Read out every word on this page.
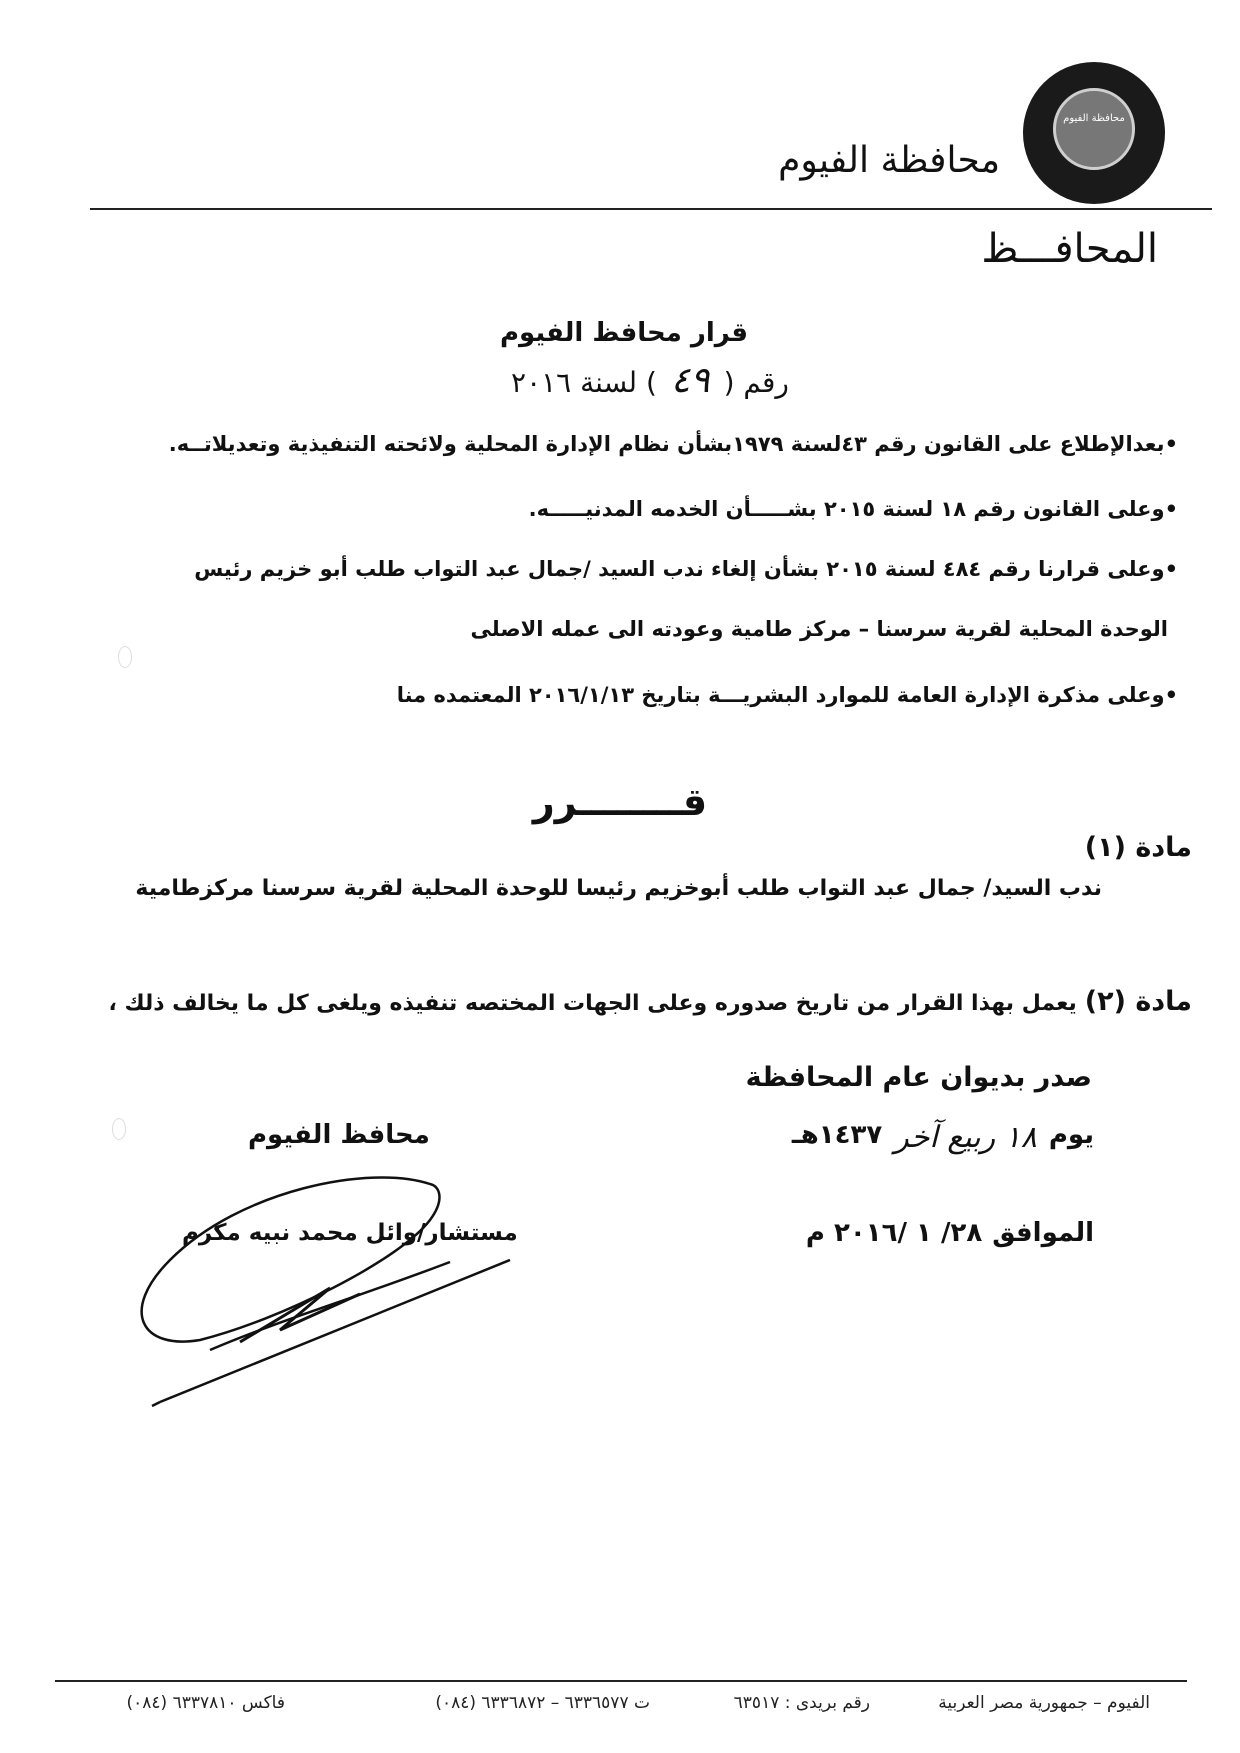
محافظة الفيوم
محافظة الفيوم
المحافـــظ
قرار محافظ الفيوم
رقم (
٤٩
) لسنة ٢٠١٦
•بعدالإطلاع على القانون رقم ٤٣لسنة ١٩٧٩بشأن نظام الإدارة المحلية ولائحته التنفيذية وتعديلاتــه.
•وعلى القانون رقم ١٨ لسنة ٢٠١٥ بشـــــأن الخدمه المدنيـــــه.
•وعلى قرارنا رقم ٤٨٤ لسنة ٢٠١٥ بشأن إلغاء ندب السيد /جمال عبد التواب طلب أبو خزيم رئيس
الوحدة المحلية لقرية سرسنا – مركز طامية وعودته الى عمله الاصلى
•وعلى مذكرة الإدارة العامة للموارد البشريـــة بتاريخ ٢٠١٦/١/١٣ المعتمده منا
قــــــــرر
مادة (١)
ندب السيد/ جمال عبد التواب طلب أبوخزيم رئيسا للوحدة المحلية لقرية سرسنا مركزطامية
مادة (٢)
يعمل بهذا القرار من تاريخ صدوره وعلى الجهات المختصه تنفيذه ويلغى كل ما يخالف ذلك ،
صدر بديوان عام المحافظة
يوم
١٨ ربيع آخر
١٤٣٧هـ
الموافق
٢٨/ ١ /٢٠١٦ م
محافظ الفيوم
مستشار/وائل محمد نبيه مكرم
الفيوم – جمهورية مصر العربية
رقم بريدى : ٦٣٥١٧
ت ٦٣٣٦٥٧٧ – ٦٣٣٦٨٧٢ (٠٨٤)
فاكس ٦٣٣٧٨١٠ (٠٨٤)
